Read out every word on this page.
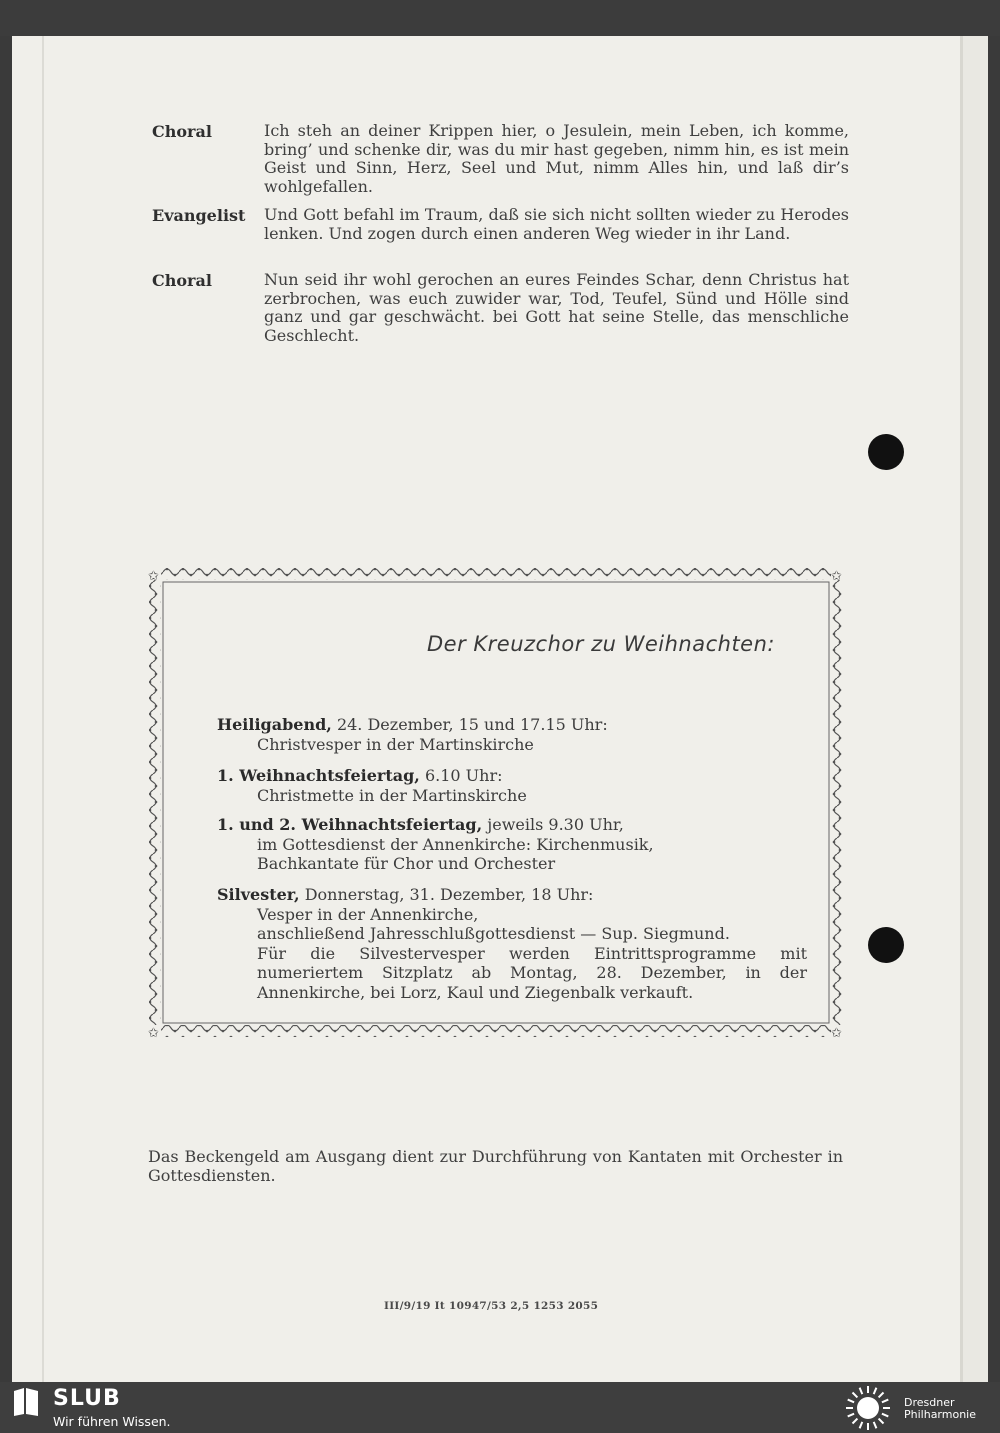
Choral	Ich steh an deiner Krippen hier, o Jesulein, mein Leben, ich komme, bring’ und schenke dir, was du mir hast gegeben, nimm hin, es ist mein Geist und Sinn, Herz, Seel und Mut, nimm Alles hin, und laß dir’s wohlgefallen.
Evangelist Und Gott befahl im Traum, daß sie sich nicht sollten wieder zu Herodes lenken. Und zogen durch einen anderen Weg wieder in ihr Land.
Choral	Nun seid ihr wohl gerochen an eures Feindes Schar, denn Christus hat zerbrochen, was euch zuwider war, Tod, Teufel, Sünd und Hölle sind ganz und gar geschwächt. bei Gott hat seine Stelle, das menschliche Geschlecht.
✩	✩
✩	✩
Der Kreuzchor zu Weihnachten:
Heiligabend, 24. Dezember, 15 und 17.15 Uhr:
Christvesper in der Martinskirche
1. Weihnachtsfeiertag, 6.10 Uhr:
Christmette in der Martinskirche
1. und 2. Weihnachtsfeiertag, jeweils 9.30 Uhr,
im Gottesdienst der Annenkirche: Kirchenmusik,
Bachkantate für Chor und Orchester
Silvester, Donnerstag, 31. Dezember, 18 Uhr:
Vesper in der Annenkirche,
anschließend Jahresschlußgottesdienst — Sup. Siegmund.
Für die Silvestervesper werden Eintrittsprogramme mit
numeriertem Sitzplatz ab Montag, 28. Dezember, in der
Annenkirche, bei Lorz, Kaul und Ziegenbalk verkauft.
Das Beckengeld am Ausgang dient zur Durchführung von Kantaten mit Orchester in Gottesdiensten.
III/9/19 It 10947/53 2,5 1253 2055
SLUB
Wir führen Wissen.
Dresdner
Philharmonie
